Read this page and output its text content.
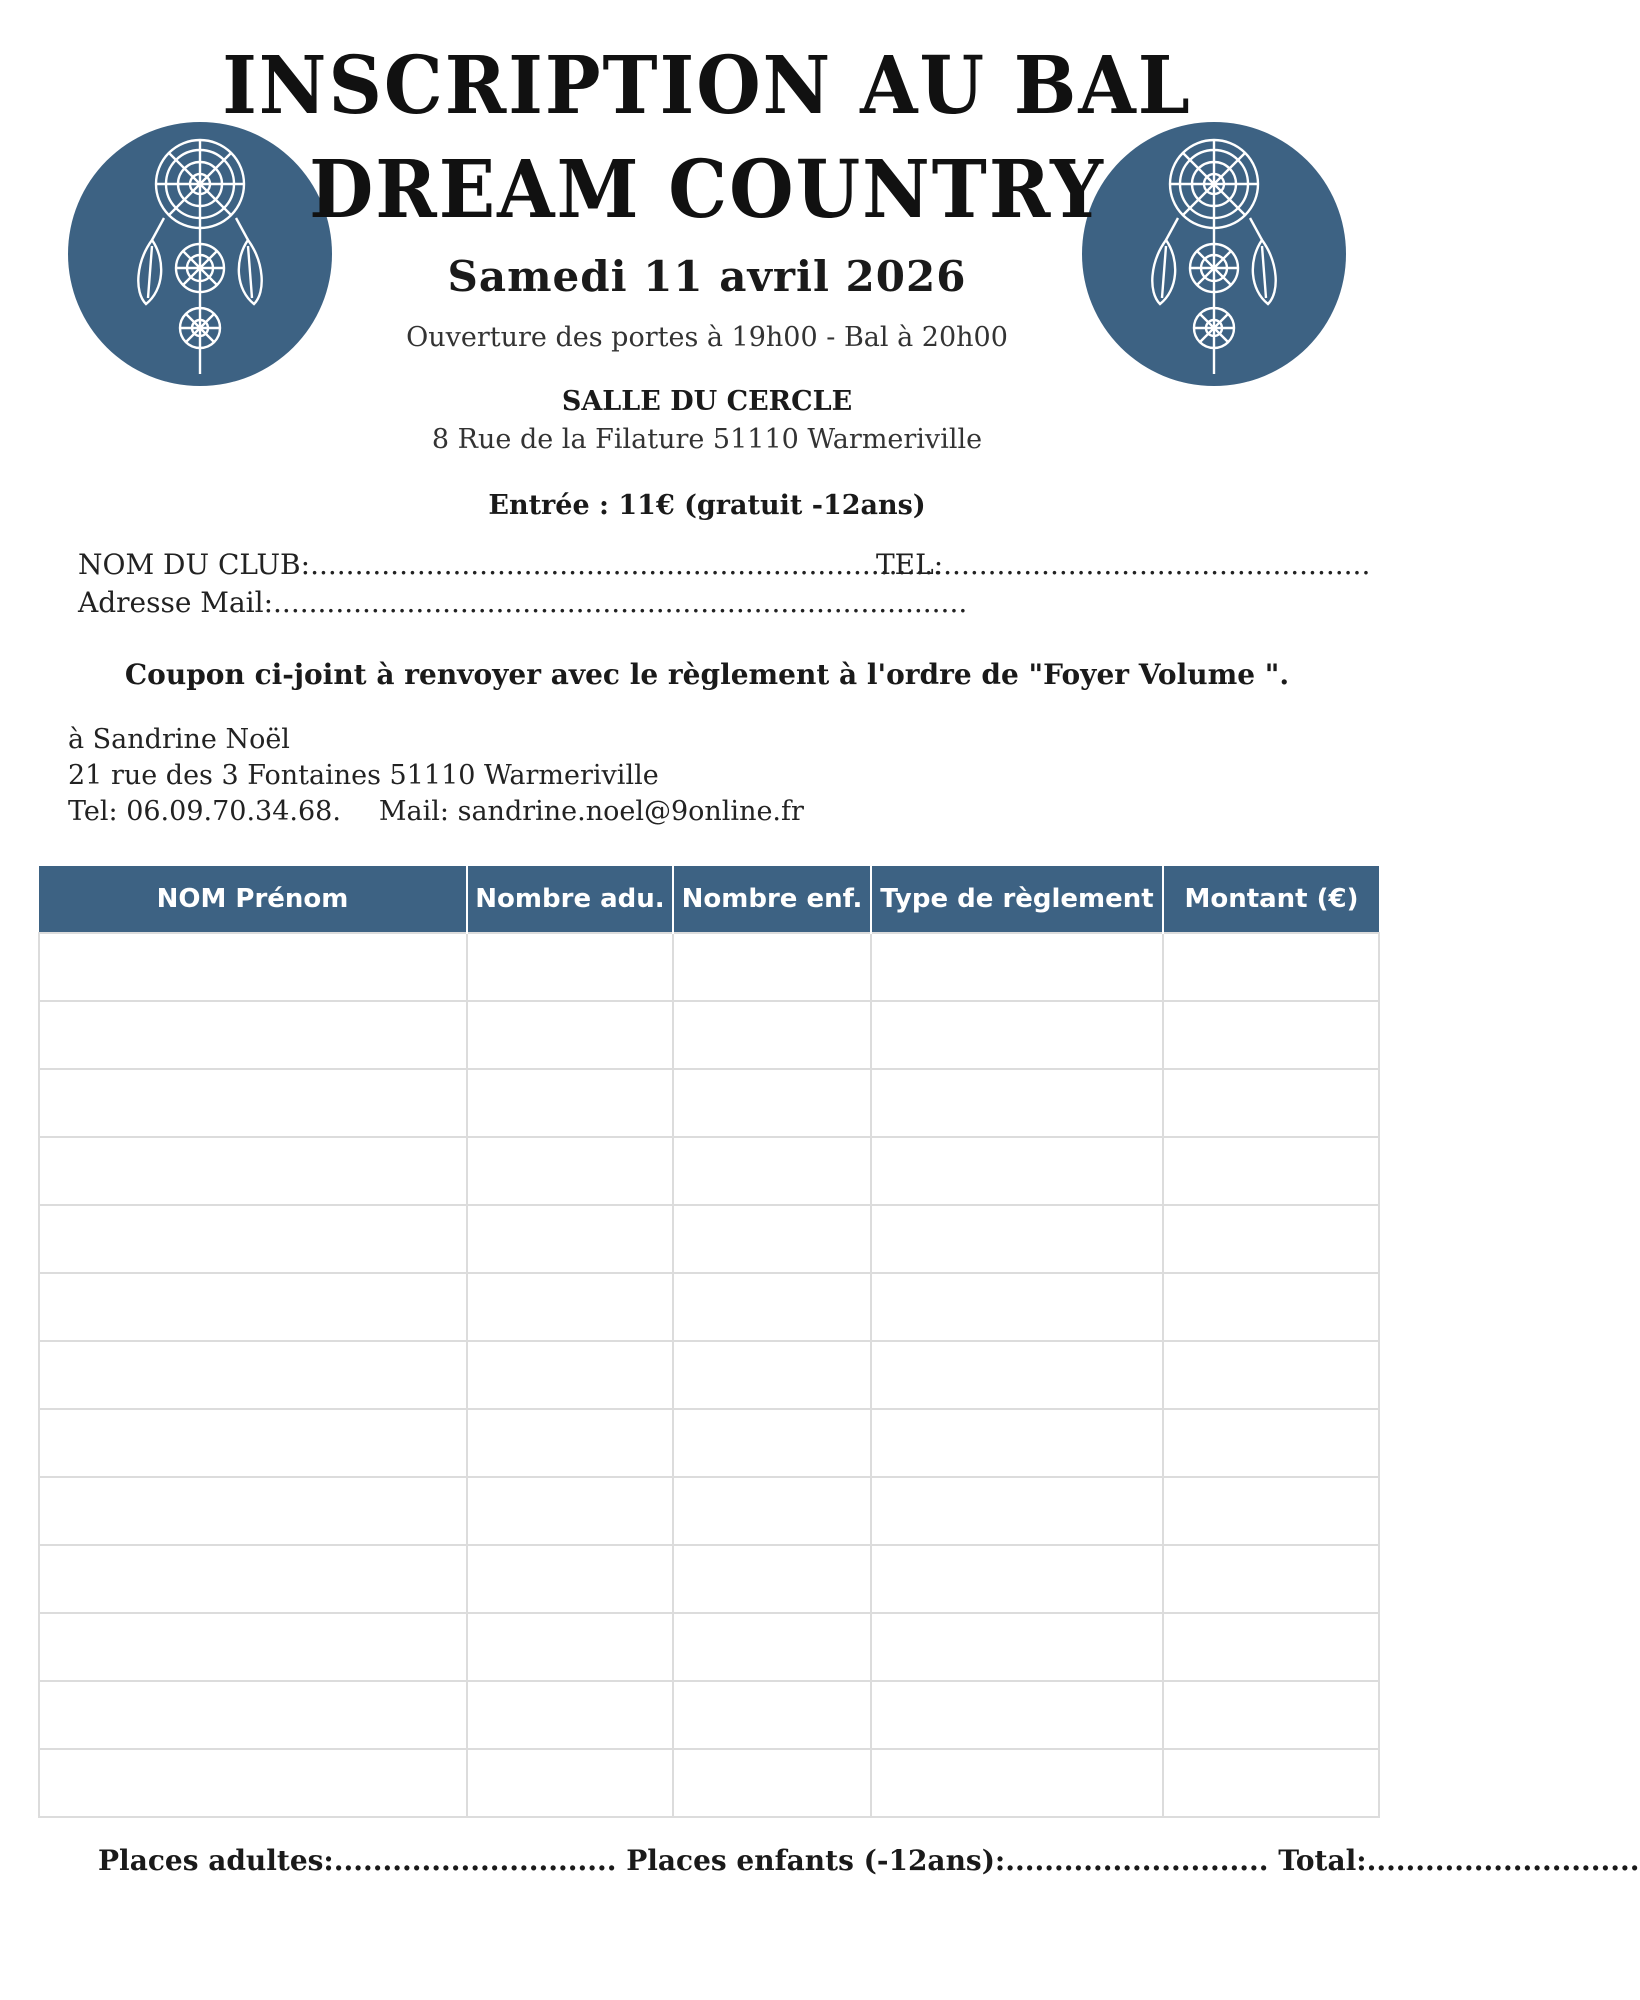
INSCRIPTION AU BAL
DREAM COUNTRY
Samedi 11 avril 2026
Ouverture des portes à 19h00 - Bal à 20h00
SALLE DU CERCLE
8 Rue de la Filature 51110 Warmeriville
Entrée : 11€ (gratuit -12ans)
NOM DU CLUB:.......................................................................
TEL:................................................
Adresse Mail:..............................................................................
Coupon ci-joint à renvoyer avec le règlement à l'ordre de "Foyer Volume ".
à Sandrine Noël
21 rue des 3 Fontaines 51110 Warmeriville
Tel: 06.09.70.34.68. Mail: sandrine.noel@9online.fr
NOM Prénom	Nombre adu.	Nombre enf.	Type de règlement	Montant (€)

Places adultes:............................. Places enfants (-12ans):........................... Total:............................
